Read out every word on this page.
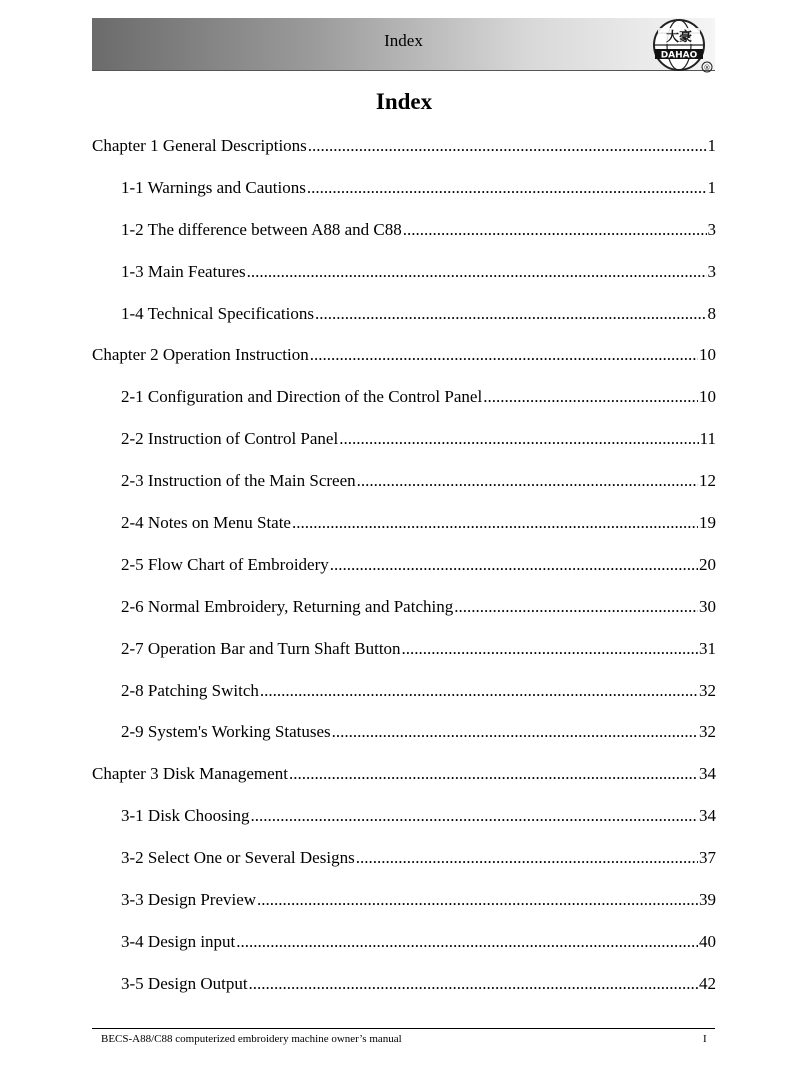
Index	大豪
DAHAO
®
Index
Chapter 1 General Descriptions .....	1
1-1 Warnings and Cautions .....	1
1-2 The difference between A88 and C88 .....	3
1-3 Main Features .....	3
1-4 Technical Specifications .....	8
Chapter 2 Operation Instruction .....	10
2-1 Configuration and Direction of the Control Panel .....	10
2-2 Instruction of Control Panel .....	11
2-3 Instruction of the Main Screen .....	12
2-4 Notes on Menu State .....	19
2-5 Flow Chart of Embroidery .....	20
2-6 Normal Embroidery, Returning and Patching .....	30
2-7 Operation Bar and Turn Shaft Button .....	31
2-8 Patching Switch .....	32
2-9 System's Working Statuses .....	32
Chapter 3 Disk Management .....	34
3-1 Disk Choosing .....	34
3-2 Select One or Several Designs .....	37
3-3 Design Preview .....	39
3-4 Design input .....	40
3-5 Design Output .....	42
BECS-A88/C88 computerized embroidery machine owner’s manual	I
